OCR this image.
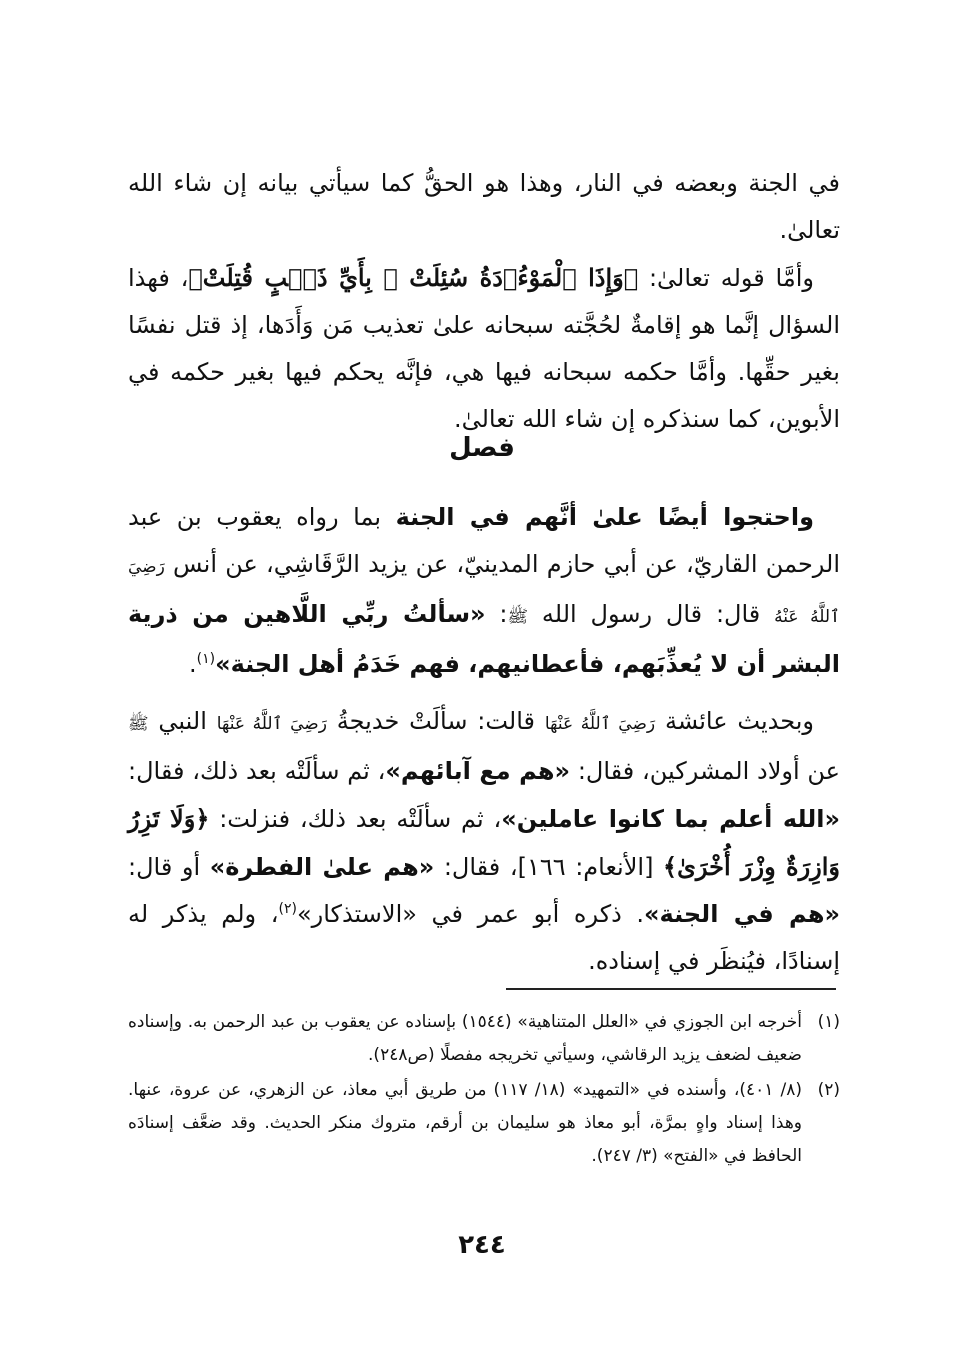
في الجنة وبعضه في النار، وهذا هو الحقُّ كما سيأتي بيانه إن شاء الله تعالىٰ.

وأمَّا قوله تعالىٰ: ﴿وَإِذَا ٱلْمَوْءُۥدَةُ سُئِلَتْ ۞ بِأَيِّ ذَنۢبٍ قُتِلَتْ﴾، فهذا السؤال إنَّما هو إقامةٌ لحُجَّته سبحانه علىٰ تعذيب مَن وَأَدَها، إذ قتل نفسًا بغير حقِّها. وأمَّا حكمه سبحانه فيها هي، فإنَّه يحكم فيها بغير حكمه في الأبوين، كما سنذكره إن شاء الله تعالىٰ.

فصل

واحتجوا أيضًا علىٰ أنَّهم في الجنة بما رواه يعقوب بن عبد الرحمن القاريّ، عن أبي حازم المدينيّ، عن يزيد الرَّقَاشِي، عن أنس رَضِيَ ٱللَّهُ عَنْهُ قال: قال رسول الله ﷺ: «سألتُ ربِّي اللَّاهين من ذرية البشر أن لا يُعذِّبَهم، فأعطانيهم، فهم خَدَمُ أهل الجنة»$^{(١)}$.

وبحديث عائشة رَضِيَ ٱللَّهُ عَنْهَا قالت: سألَتْ خديجةُ رَضِيَ ٱللَّهُ عَنْهَا النبي ﷺ عن أولاد المشركين، فقال: «هم مع آبائهم»، ثم سألَتْه بعد ذلك، فقال: «الله أعلم بما كانوا عاملين»، ثم سألَتْه بعد ذلك، فنزلت: ﴿وَلَا تَزِرُ وَازِرَةٌ وِزْرَ أُخْرَىٰ﴾ [الأنعام: ١٦٦]، فقال: «هم علىٰ الفطرة» أو قال: «هم في الجنة». ذكره أبو عمر في «الاستذكار»$^{(٢)}$، ولم يذكر له إسنادًا، فيُنظَر في إسناده.

(١)
أخرجه ابن الجوزي في «العلل المتناهية» (١٥٤٤) بإسناده عن يعقوب بن عبد الرحمن به. وإسناده ضعيف لضعف يزيد الرقاشي، وسيأتي تخريجه مفصلًا (ص٢٤٨).
(٢)
(٨/ ٤٠١)، وأسنده في «التمهيد» (١٨/ ١١٧) من طريق أبي معاذ، عن الزهري، عن عروة، عنها. وهذا إسناد واهٍ بمرَّة، أبو معاذ هو سليمان بن أرقم، متروك منكر الحديث. وقد ضعَّف إسنادَه الحافظ في «الفتح» (٣/ ٢٤٧).
٢٤٤
